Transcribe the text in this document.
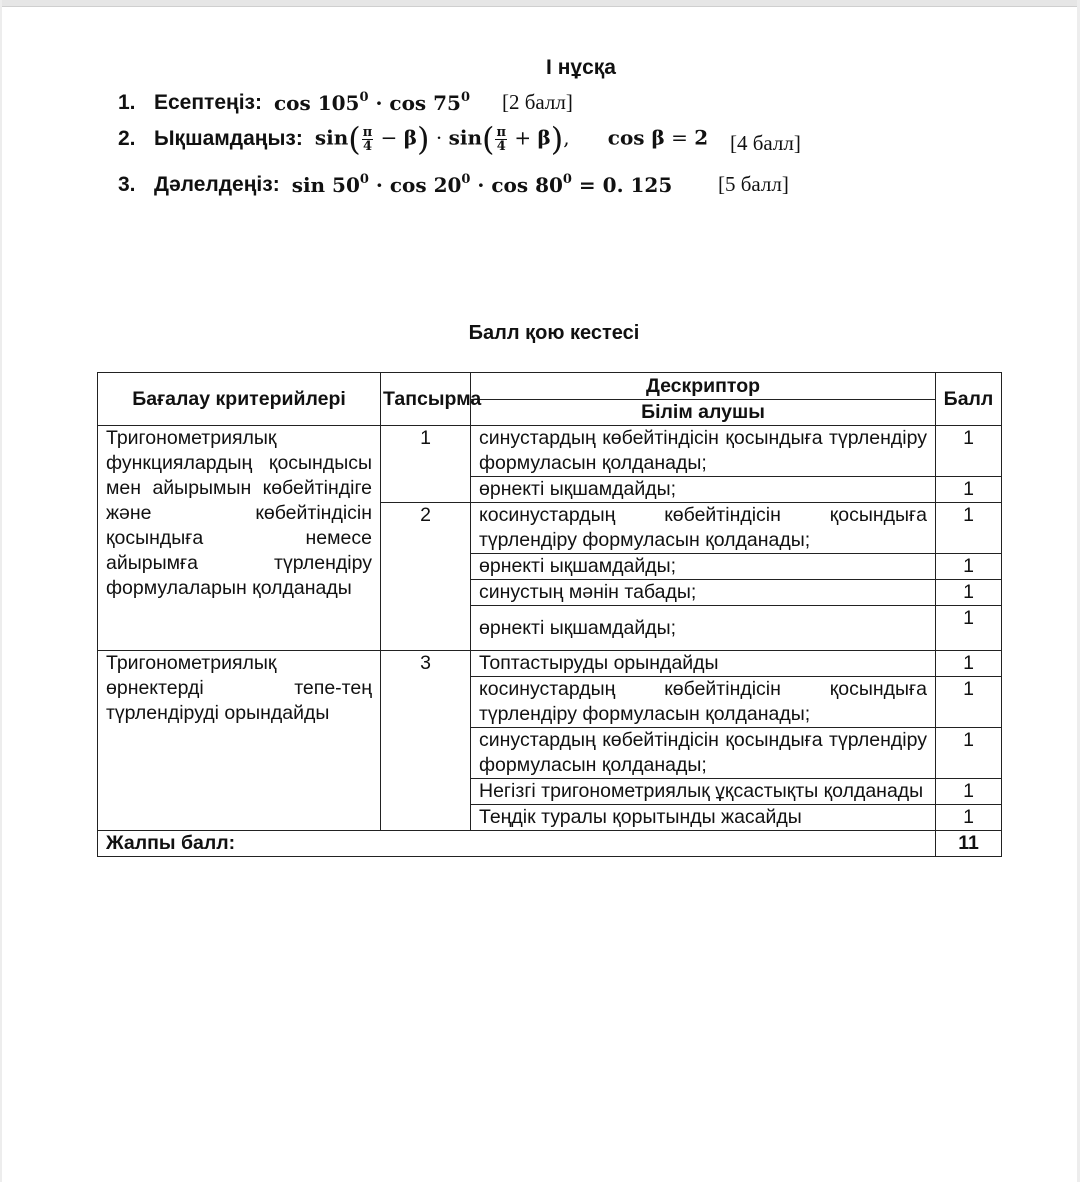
I нұсқа
1. Есептеңіз: $\cos 105^0 \cdot \cos 75^0$ [2 балл]
2. Ықшамдаңыз: $\sin( \frac{\pi}{4} - \beta) \cdot \sin( \frac{\pi}{4} + \beta)$,      cos β = 2 [4 балл]
3. Дәлелдеңіз: $\sin 50^0 \cdot \cos 20^0 \cdot \cos 80^0 = 0$. 125 [5 балл]
Балл қою кестесі
Бағалау критерийлері	Тапсырма	Дескриптор	Балл
		Білім алушы	
Тригонометриялық функциялардың қосындысы мен айырымын көбейтіндіге және көбейтіндісін қосындыға немесе айырымға түрлендіру формулаларын қолданады	1	синустардың көбейтіндісін қосындыға түрлендіру формуласын қолданады;	1
		өрнекті ықшамдайды;	1
	2	косинустардың көбейтіндісін қосындыға түрлендіру формуласын қолданады;	1
		өрнекті ықшамдайды;	1
		синустың мәнін табады;	1
		өрнекті ықшамдайды;	1
Тригонометриялық өрнектерді тепе-тең түрлендіруді орындайды	3	Топтастыруды орындайды	1
		косинустардың көбейтіндісін қосындыға түрлендіру формуласын қолданады;	1
		синустардың көбейтіндісін қосындыға түрлендіру формуласын қолданады;	1
		Негізгі тригонометриялық ұқсастықты қолданады	1
		Теңдік туралы қорытынды жасайды	1
Жалпы балл:			11
